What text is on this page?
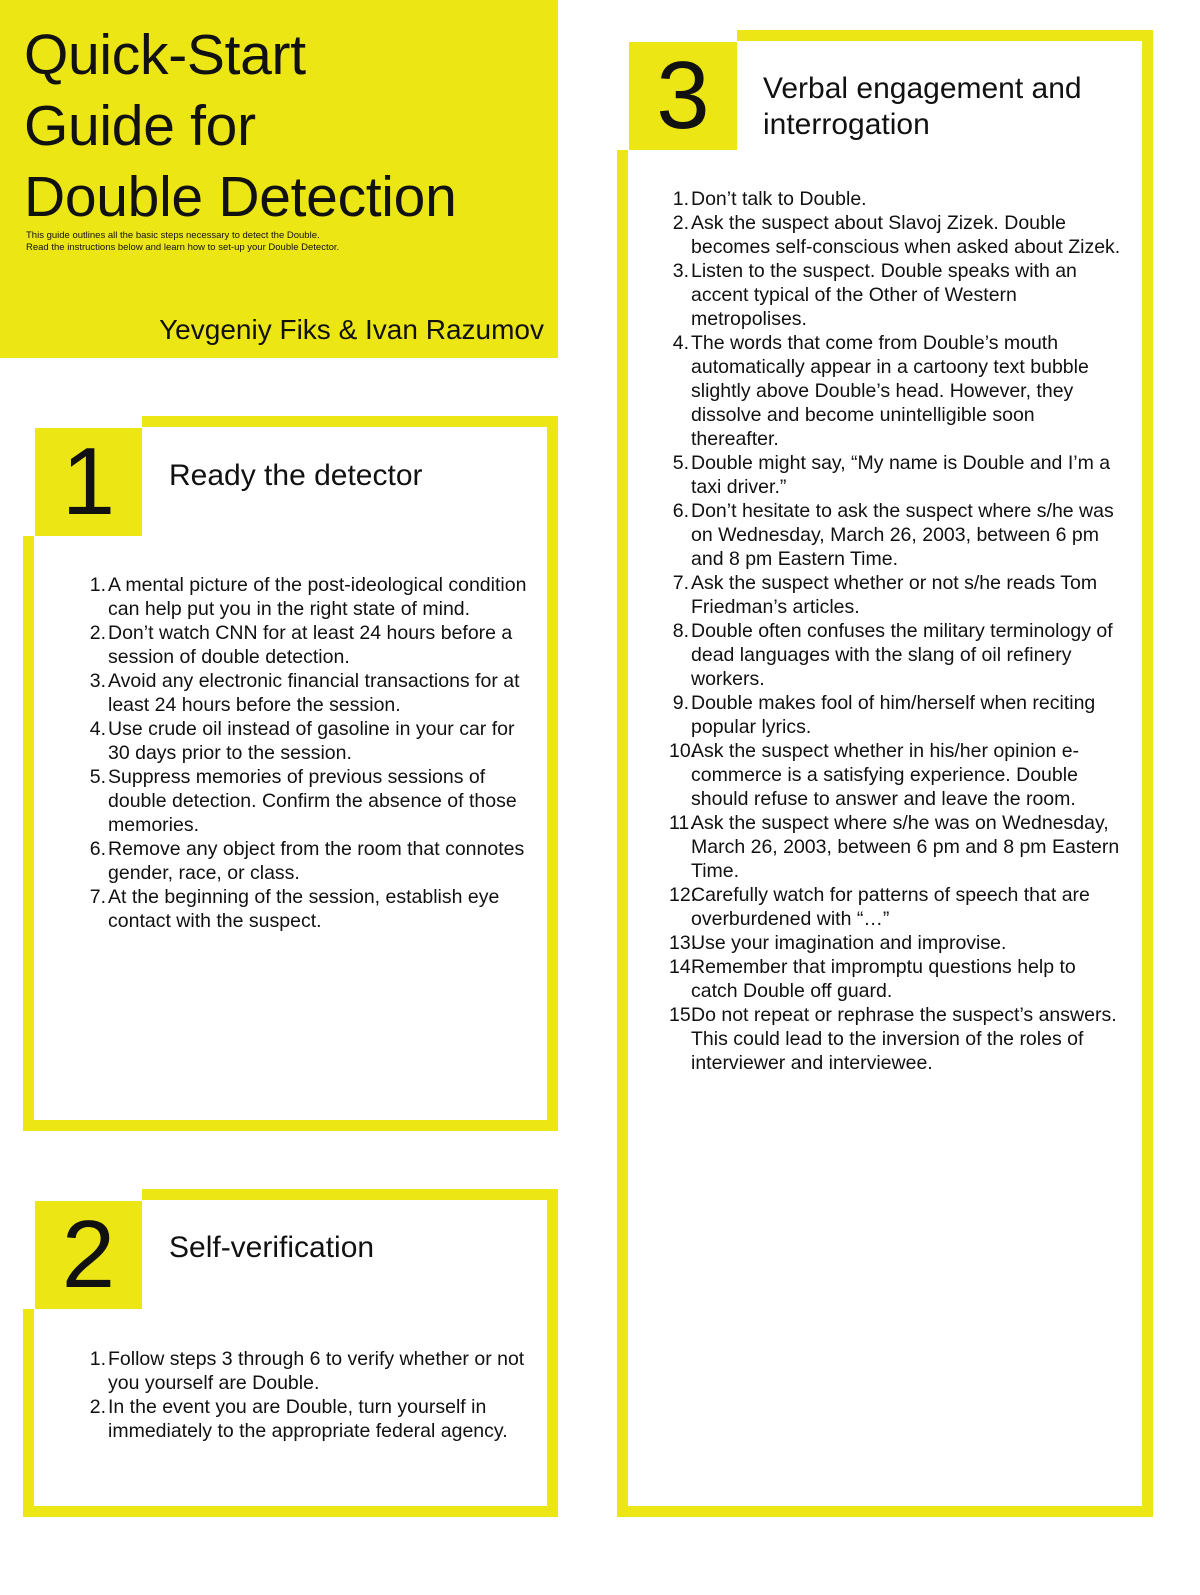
Quick-Start
Guide for
Double Detection

This guide outlines all the basic steps necessary to detect the Double.
Read the instructions below and learn how to set-up your Double Detector.

Yevgeniy Fiks & Ivan Razumov

1	Ready the detector
1. A mental picture of the post-ideological condition can help put you in the right state of mind.
2. Don’t watch CNN for at least 24 hours before a session of double detection.
3. Avoid any electronic financial transactions for at least 24 hours before the session.
4. Use crude oil instead of gasoline in your car for 30 days prior to the session.
5. Suppress memories of previous sessions of double detection. Confirm the absence of those memories.
6. Remove any object from the room that connotes gender, race, or class.
7. At the beginning of the session, establish eye contact with the suspect.
2	Self-verification
1. Follow steps 3 through 6 to verify whether or not you yourself are Double.
2. In the event you are Double, turn yourself in immediately to the appropriate federal agency.
3	Verbal engagement and
interrogation
1. Don’t talk to Double.
2. Ask the suspect about Slavoj Zizek. Double becomes self-conscious when asked about Zizek.
3. Listen to the suspect. Double speaks with an accent typical of the Other of Western metropolises.
4. The words that come from Double’s mouth automatically appear in a cartoony text bubble slightly above Double’s head. However, they dissolve and become unintelligible soon thereafter.
5. Double might say, “My name is Double and I’m a taxi driver.”
6. Don’t hesitate to ask the suspect where s/he was on Wednesday, March 26, 2003, between 6 pm and 8 pm Eastern Time.
7. Ask the suspect whether or not s/he reads Tom Friedman’s articles.
8. Double often confuses the military terminology of dead languages with the slang of oil refinery workers.
9. Double makes fool of him/herself when reciting popular lyrics.
10.
Ask the suspect whether in his/her opinion e-commerce is a satisfying experience. Double should refuse to answer and leave the room.
11.
Ask the suspect where s/he was on Wednesday, March 26, 2003, between 6 pm and 8 pm Eastern Time.
12.
Carefully watch for patterns of speech that are overburdened with “…”
13.
Use your imagination and improvise.
14.
Remember that impromptu questions help to catch Double off guard.
15.
Do not repeat or rephrase the suspect’s answers. This could lead to the inversion of the roles of interviewer and interviewee.
